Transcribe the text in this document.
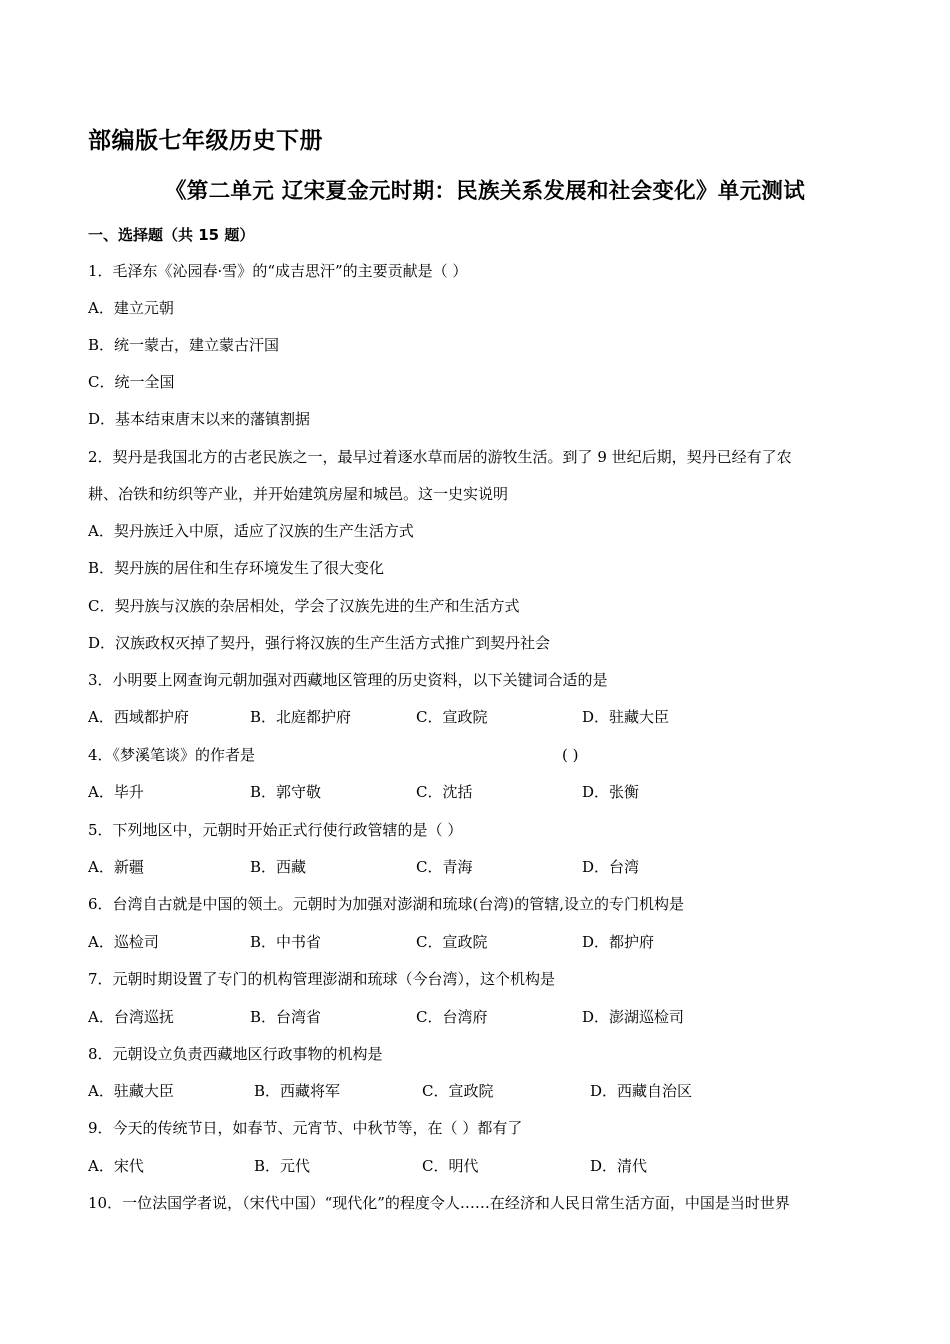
部编版七年级历史下册
《第二单元 辽宋夏金元时期：民族关系发展和社会变化》单元测试
一、选择题（共 15 题）
1．毛泽东《沁园春·雪》的“成吉思汗”的主要贡献是（ ）
A．建立元朝
B．统一蒙古，建立蒙古汗国
C．统一全国
D．基本结束唐末以来的藩镇割据
2．契丹是我国北方的古老民族之一，最早过着逐水草而居的游牧生活。到了 9 世纪后期，契丹已经有了农
耕、冶铁和纺织等产业，并开始建筑房屋和城邑。这一史实说明
A．契丹族迁入中原，适应了汉族的生产生活方式
B．契丹族的居住和生存环境发生了很大变化
C．契丹族与汉族的杂居相处，学会了汉族先进的生产和生活方式
D．汉族政权灭掉了契丹，强行将汉族的生产生活方式推广到契丹社会
3．小明要上网查询元朝加强对西藏地区管理的历史资料，以下关键词合适的是
A．西域都护府	B．北庭都护府	C．宣政院	D．驻藏大臣
4．《梦溪笔谈》的作者是	( )
A．毕升	B．郭守敬	C．沈括	D．张衡
5．下列地区中，元朝时开始正式行使行政管辖的是（ ）
A．新疆	B．西藏	C．青海	D．台湾
6．台湾自古就是中国的领土。元朝时为加强对澎湖和琉球(台湾)的管辖,设立的专门机构是
A．巡检司	B．中书省	C．宣政院	D．都护府
7．元朝时期设置了专门的机构管理澎湖和琉球（今台湾），这个机构是
A．台湾巡抚	B．台湾省	C．台湾府	D．澎湖巡检司
8．元朝设立负责西藏地区行政事物的机构是
A．驻藏大臣	B．西藏将军	C．宣政院	D．西藏自治区
9．今天的传统节日，如春节、元宵节、中秋节等，在（ ）都有了
A．宋代	B．元代	C．明代	D．清代
10．一位法国学者说，（宋代中国）“现代化”的程度令人……在经济和人民日常生活方面，中国是当时世界
